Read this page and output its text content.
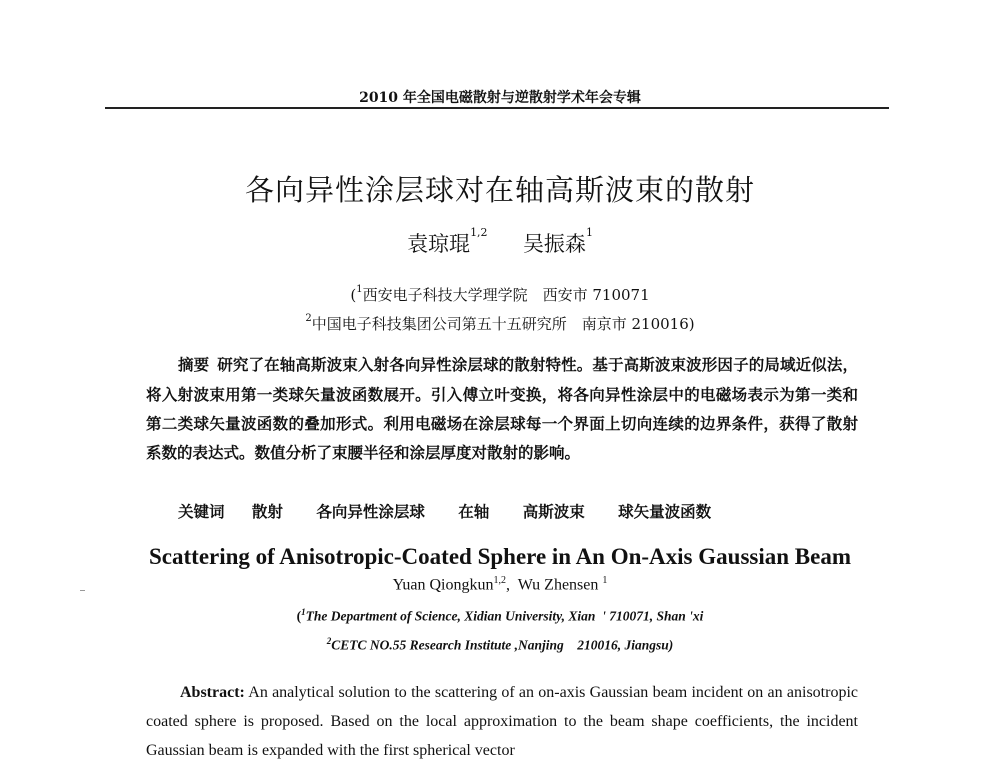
2010 年全国电磁散射与逆散射学术年会专辑
各向异性涂层球对在轴高斯波束的散射
袁琼琨$^{1,2}$ 吴振森$^1$
($^1$西安电子科技大学理学院　西安市 710071
$^2$中国电子科技集团公司第五十五研究所　南京市 210016)
摘要 研究了在轴高斯波束入射各向异性涂层球的散射特性。基于高斯波束波形因子的局域近似法，将入射波束用第一类球矢量波函数展开。引入傅立叶变换，将各向异性涂层中的电磁场表示为第一类和第二类球矢量波函数的叠加形式。利用电磁场在涂层球每一个界面上切向连续的边界条件，获得了散射系数的表达式。数值分析了束腰半径和涂层厚度对散射的影响。
关键词 散射 各向异性涂层球 在轴 高斯波束 球矢量波函数
Scattering of Anisotropic-Coated Sphere in An On-Axis Gaussian Beam
Yuan Qiongkun$^{1,2}$,  Wu Zhensen $^1$
($^1$The Department of Science, Xidian University, Xian  ' 710071, Shan 'xi
$^2$CETC NO.55 Research Institute ,Nanjing    210016, Jiangsu)
Abstract: An analytical solution to the scattering of an on-axis Gaussian beam incident on an anisotropic coated sphere is proposed. Based on the local approximation to the beam shape coefficients, the incident Gaussian beam is expanded with the first spherical vector
